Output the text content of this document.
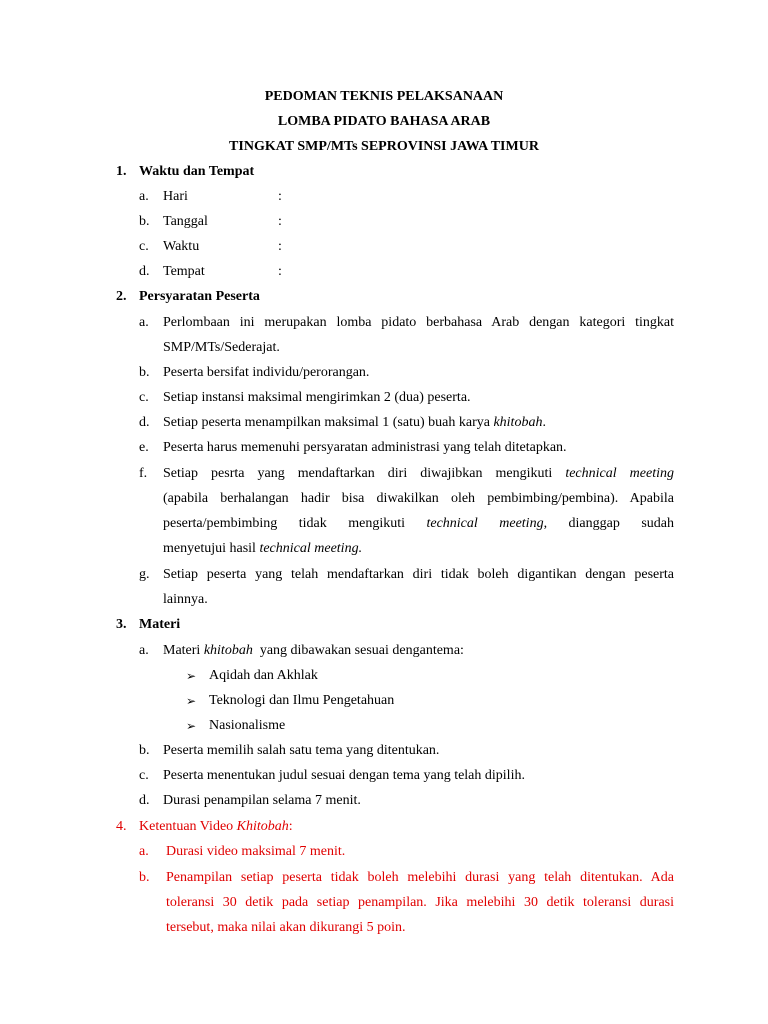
PEDOMAN TEKNIS PELAKSANAAN
LOMBA PIDATO BAHASA ARAB
TINGKAT SMP/MTs SEPROVINSI JAWA TIMUR
1. Waktu dan Tempat
a. Hari	:
b. Tanggal	:
c. Waktu	:
d. Tempat	:
2. Persyaratan Peserta
a. Perlombaan ini merupakan lomba pidato berbahasa Arab dengan kategori tingkat
SMP/MTs/Sederajat.
b. Peserta bersifat individu/perorangan.
c. Setiap instansi maksimal mengirimkan 2 (dua) peserta.
d. Setiap peserta menampilkan maksimal 1 (satu) buah karya khitobah.
e. Peserta harus memenuhi persyaratan administrasi yang telah ditetapkan.
f. Setiap pesrta yang mendaftarkan diri diwajibkan mengikuti technical meeting
(apabila berhalangan hadir bisa diwakilkan oleh pembimbing/pembina). Apabila
peserta/pembimbing tidak mengikuti technical meeting, dianggap sudah
menyetujui hasil technical meeting.
g. Setiap peserta yang telah mendaftarkan diri tidak boleh digantikan dengan peserta
lainnya.
3. Materi
a. Materi khitobah  yang dibawakan sesuai dengantema:
➢ Aqidah dan Akhlak
➢ Teknologi dan Ilmu Pengetahuan
➢ Nasionalisme
b. Peserta memilih salah satu tema yang ditentukan.
c. Peserta menentukan judul sesuai dengan tema yang telah dipilih.
d. Durasi penampilan selama 7 menit.
4. Ketentuan Video Khitobah:
a. Durasi video maksimal 7 menit.
b. Penampilan setiap peserta tidak boleh melebihi durasi yang telah ditentukan. Ada
toleransi 30 detik pada setiap penampilan. Jika melebihi 30 detik toleransi durasi
tersebut, maka nilai akan dikurangi 5 poin.
